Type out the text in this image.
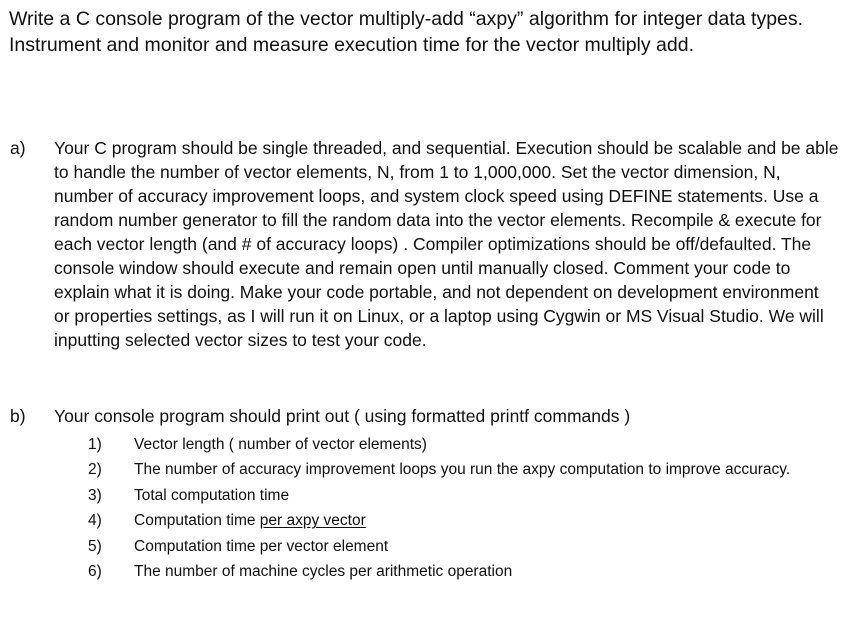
Write a C console program of the vector multiply-add “axpy” algorithm for integer data types. Instrument and monitor and measure execution time for the vector multiply add.

a) Your C program should be single threaded, and sequential. Execution should be scalable and be able to handle the number of vector elements, N, from 1 to 1,000,000. Set the vector dimension, N, number of accuracy improvement loops, and system clock speed using DEFINE statements. Use a random number generator to fill the random data into the vector elements. Recompile & execute for each vector length (and # of accuracy loops) . Compiler optimizations should be off/defaulted. The console window should execute and remain open until manually closed. Comment your code to explain what it is doing. Make your code portable, and not dependent on development environment or properties settings, as I will run it on Linux, or a laptop using Cygwin or MS Visual Studio. We will inputting selected vector sizes to test your code.

b) Your console program should print out ( using formatted printf commands )

1)	Vector length ( number of vector elements)
2)	The number of accuracy improvement loops you run the axpy computation to improve accuracy.
3)	Total computation time
4)	Computation time per axpy vector
5)	Computation time per vector element
6)	The number of machine cycles per arithmetic operation
